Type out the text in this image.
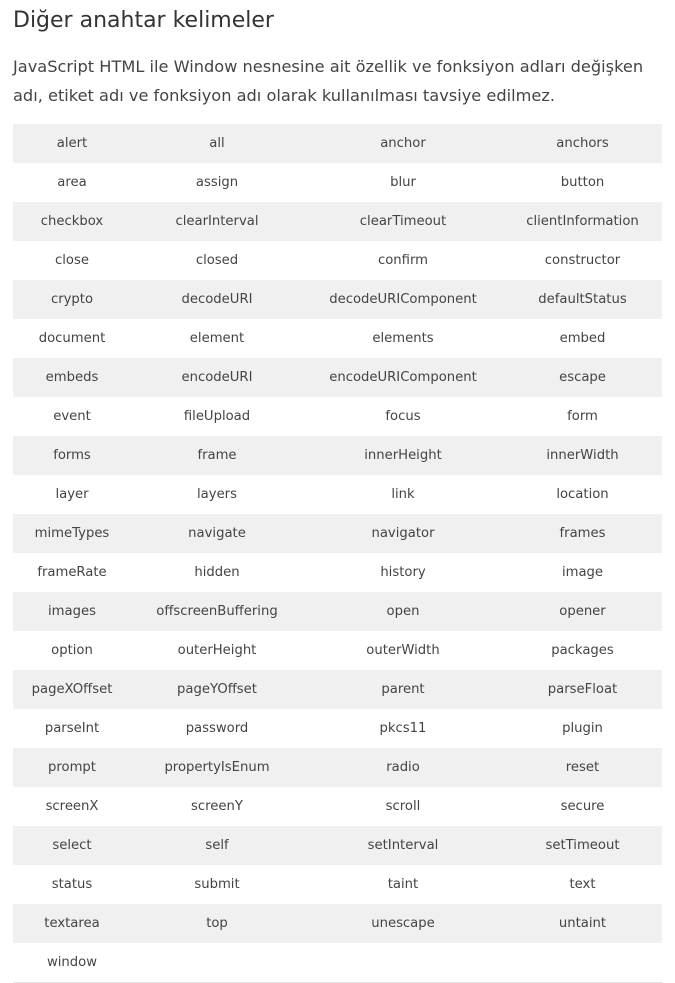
Diğer anahtar kelimeler

JavaScript HTML ile Window nesnesine ait özellik ve fonksiyon adları değişken adı, etiket adı ve fonksiyon adı olarak kullanılması tavsiye edilmez.

alert	all	anchor	anchors
area	assign	blur	button
checkbox	clearInterval	clearTimeout	clientInformation
close	closed	confirm	constructor
crypto	decodeURI	decodeURIComponent	defaultStatus
document	element	elements	embed
embeds	encodeURI	encodeURIComponent	escape
event	fileUpload	focus	form
forms	frame	innerHeight	innerWidth
layer	layers	link	location
mimeTypes	navigate	navigator	frames
frameRate	hidden	history	image
images	offscreenBuffering	open	opener
option	outerHeight	outerWidth	packages
pageXOffset	pageYOffset	parent	parseFloat
parseInt	password	pkcs11	plugin
prompt	propertyIsEnum	radio	reset
screenX	screenY	scroll	secure
select	self	setInterval	setTimeout
status	submit	taint	text
textarea	top	unescape	untaint
window			
